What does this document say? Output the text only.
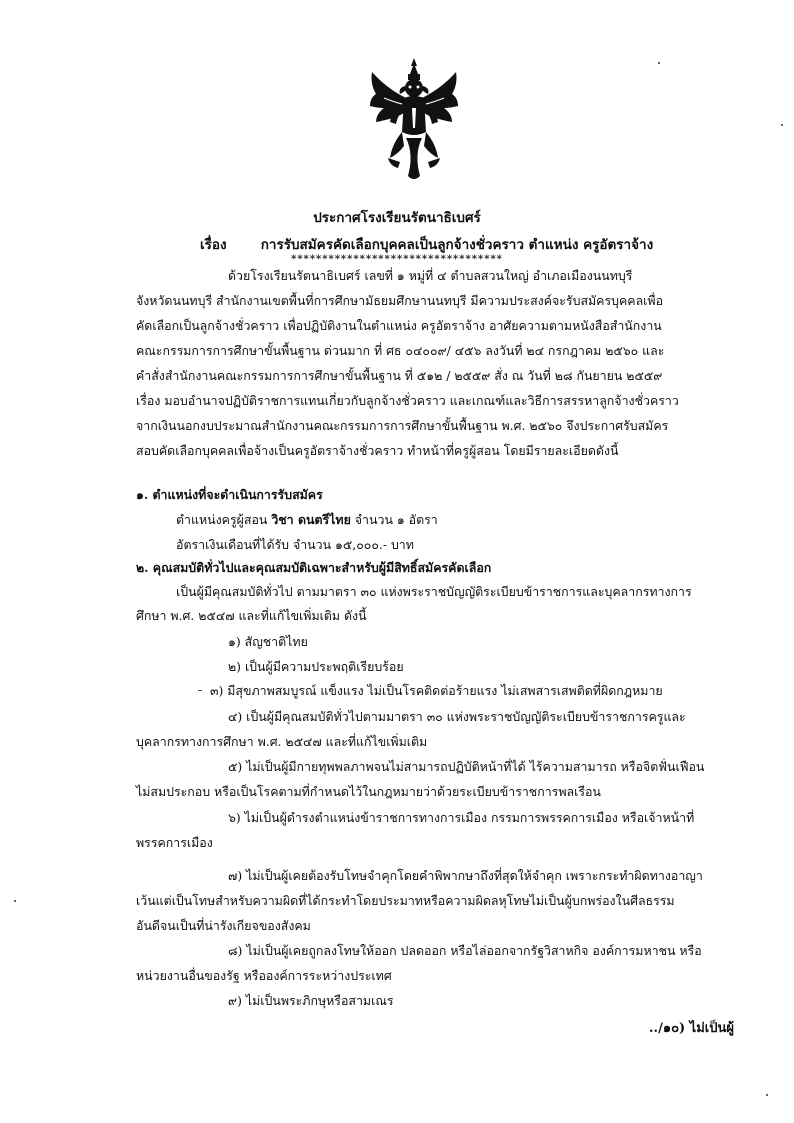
ประกาศโรงเรียนรัตนาธิเบศร์
เรื่อง	การรับสมัครคัดเลือกบุคคลเป็นลูกจ้างชั่วคราว ตำแหน่ง ครูอัตราจ้าง
**********************************
ด้วยโรงเรียนรัตนาธิเบศร์ เลขที่ ๑ หมู่ที่ ๔ ตำบลสวนใหญ่ อำเภอเมืองนนทบุรี
จังหวัดนนทบุรี สำนักงานเขตพื้นที่การศึกษามัธยมศึกษานนทบุรี มีความประสงค์จะรับสมัครบุคคลเพื่อ
คัดเลือกเป็นลูกจ้างชั่วคราว เพื่อปฏิบัติงานในตำแหน่ง ครูอัตราจ้าง อาศัยความตามหนังสือสำนักงาน
คณะกรรมการการศึกษาขั้นพื้นฐาน ด่วนมาก ที่ ศธ ๐๔๐๐๙/ ๔๕๖ ลงวันที่ ๒๔ กรกฎาคม ๒๕๖๐ และ
คำสั่งสำนักงานคณะกรรมการการศึกษาขั้นพื้นฐาน ที่ ๕๑๒ / ๒๕๕๙ สั่ง ณ วันที่ ๒๘ กันยายน ๒๕๕๙
เรื่อง มอบอำนาจปฏิบัติราชการแทนเกี่ยวกับลูกจ้างชั่วคราว และเกณฑ์และวิธีการสรรหาลูกจ้างชั่วคราว
จากเงินนอกงบประมาณสำนักงานคณะกรรมการการศึกษาขั้นพื้นฐาน พ.ศ. ๒๕๖๐ จึงประกาศรับสมัคร
สอบคัดเลือกบุคคลเพื่อจ้างเป็นครูอัตราจ้างชั่วคราว ทำหน้าที่ครูผู้สอน โดยมีรายละเอียดดังนี้
๑. ตำแหน่งที่จะดำเนินการรับสมัคร
ตำแหน่งครูผู้สอน วิชา ดนตรีไทย จำนวน ๑ อัตรา
อัตราเงินเดือนที่ได้รับ จำนวน ๑๕,๐๐๐.- บาท
๒. คุณสมบัติทั่วไปและคุณสมบัติเฉพาะสำหรับผู้มีสิทธิ์สมัครคัดเลือก
เป็นผู้มีคุณสมบัติทั่วไป ตามมาตรา ๓๐ แห่งพระราชบัญญัติระเบียบข้าราชการและบุคลากรทางการ
ศึกษา พ.ศ. ๒๕๔๗ และที่แก้ไขเพิ่มเติม ดังนี้
๑) สัญชาติไทย
๒) เป็นผู้มีความประพฤติเรียบร้อย
- ๓) มีสุขภาพสมบูรณ์ แข็งแรง ไม่เป็นโรคติดต่อร้ายแรง ไม่เสพสารเสพติดที่ผิดกฎหมาย
๔) เป็นผู้มีคุณสมบัติทั่วไปตามมาตรา ๓๐ แห่งพระราชบัญญัติระเบียบข้าราชการครูและ
บุคลากรทางการศึกษา พ.ศ. ๒๕๔๗ และที่แก้ไขเพิ่มเติม
๕) ไม่เป็นผู้มีกายทุพพลภาพจนไม่สามารถปฏิบัติหน้าที่ได้ ไร้ความสามารถ หรือจิตฟั่นเฟือน
ไม่สมประกอบ หรือเป็นโรคตามที่กำหนดไว้ในกฎหมายว่าด้วยระเบียบข้าราชการพลเรือน
๖) ไม่เป็นผู้ดำรงตำแหน่งข้าราชการทางการเมือง กรรมการพรรคการเมือง หรือเจ้าหน้าที่
พรรคการเมือง
๗) ไม่เป็นผู้เคยต้องรับโทษจำคุกโดยคำพิพากษาถึงที่สุดให้จำคุก เพราะกระทำผิดทางอาญา
เว้นแต่เป็นโทษสำหรับความผิดที่ได้กระทำโดยประมาทหรือความผิดลหุโทษไม่เป็นผู้บกพร่องในศีลธรรม
อันดีจนเป็นที่น่ารังเกียจของสังคม
๘) ไม่เป็นผู้เคยถูกลงโทษให้ออก ปลดออก หรือไล่ออกจากรัฐวิสาหกิจ องค์การมหาชน หรือ
หน่วยงานอื่นของรัฐ หรือองค์การระหว่างประเทศ
๙) ไม่เป็นพระภิกษุหรือสามเณร
../๑๐) ไม่เป็นผู้
